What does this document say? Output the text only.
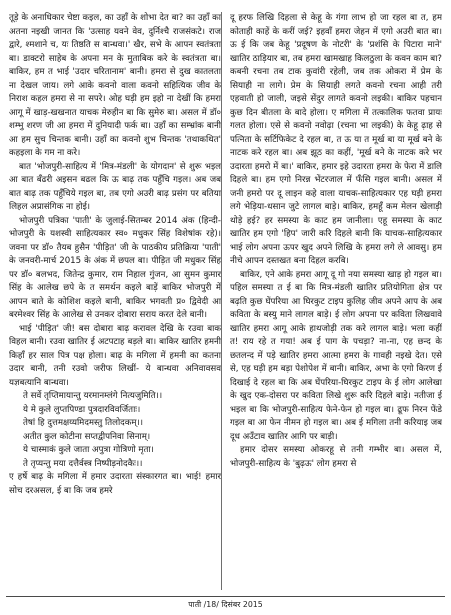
तूड़े के अनाधिकार चेष्टा कइल, का उहाँ के शोभा देत बा? का उहाँ का अतना नइखी जानत कि 'उत्साह यवने वेव, दुर्निश्चै राजसंकटे। राज द्वारे, श्मशाने च, यः तिष्ठति स बान्धवा।' खैर, सभे के आपन स्वतंत्रता बा। डाक्टरो साहेब के अपना मन के मुताबिक करे के स्वतंत्रता बा। बाकिर, हम त भाई 'उदार चरितानाम' बानी। हमरा से दुख कातलता ना देखल जाय। लगे आके कवनो वाला कवनो सहित्यिक जीव के निराश कहल हमरा से ना सपरे। ओह घड़ी हम इहो ना देखीं कि हमरा आगू में खाड़-खखनात याचक मेरुहीन बा कि सुमेरु बा। असल में डॉ० शम्भु शरण जी आ हमरा में दुनियादी फर्क बा। उहाँ का सम्भ्रांक बानी आ हम सुच चिन्तक बानी। उहाँ का कवनो शुभ चिन्तक 'तथाकथित' कहइला के गम ना करे।

बात 'भोजपुरी-साहित्य में 'मित्र-मंडली' के योगदान' से शुरू भइल आ बात बँढरी अइसन बढल कि ऊ बाढ़ तक पहुँचि गइल। अब जब बात बाढ़ तक पहुँचिये गइल बा, तब एगो अउरी बाढ़ प्रसंग पर बतिया लिहल अप्रासंगिक ना होई।

भोजपुरी पत्रिका 'पाती' के जुलाई-सितम्बर 2014 अंक (हिन्दी-भोजपुरी के यशस्वी साहित्यकार स्व० मधुकर सिंह विशेषांक रहे)। जवना पर डॉ० तैयब हुसैन 'पीड़ित' जी के पाठकीय प्रतिक्रिया 'पाती' के जनवरी-मार्च 2015 के अंक में छपल बा। पीड़ित जी मधुकर सिंह पर डॉ० बलभद, जितेन्द्र कुमार, राम निहाल गुंजन, आ सुमन कुमार सिंह के आलेख छपे के त समर्थन कइले बाड़ें बाकिर भोजपुरी में आपन बाते के कोशिश कइले बानी, बाकिर भगवती प्र० द्विवेदी आ बरमेश्वर सिंह के आलेख से उनकर दोबारा सराय करत देले बानी।

भाई 'पीड़ित' जी! बस दोबारा बाढ़ करावल देखि के रउवा बाक विहल बानी। रउवा खातिर ई अटपटाह बड़ले बा। बाकिर खातिर हमनी किहाँ हर साल पित्र पक्ष होला। बाढ़ के मगिला में हमनी का कतना उदार बानी, तनी रउवो जरीफ लिखीं- ये बान्धवा अनिवावसव यज्ञबत्यानि बान्धवा।

ते सर्वे तृप्तिमायान्तु यरमानम्लंगे नित्यजुमिति।।
ये मे कुले लुप्तपिण्डा पुत्रदारविवर्जिताः।
तेषां हि दुत्तमक्षय्यमिदमस्तु तिलोदकम्।।
अतीत कुल कोटीना सप्तद्वीपनिवा सिनाम्।
ये चास्माकं कुले जाता अपुत्रा गोत्रिणो मृता।
ते तृप्यन्तु मया दत्तैर्वस्त्र निष्पीड़नोदकैः।।

ए हर्षे बाढ़ के मगिला में हमार उदारता संस्कारगत बा। भाई! हमार सोच दरअसल, ई बा कि जब हमरे

दू हरफ लिखि दिहला से केहू के गंगा लाभ हो जा रहल बा त, हम कोताही काहें के करीं जई? इहवाँ हमरा जेहन में एगो अउरी बात बा। ऊ ई कि जब केहू 'प्रदूषण के नोटरी' के 'प्रशंसि के पिटारा माने' खातिर ठाड़ियार बा, तब हमरा खामखाह किलठुला के कवन काम बा? कबनी रचना तब टाक कुवांरी रहेली, जब तक ओकरा में प्रेम के सियाही ना लागे। प्रेम के सियाही लगते कवनो रचना आही तरी एहवाती हो जाली, जइसे सेंदुर लागते कवनो लइकी। बाकिर पहचान कुछ दिन बीतला के बादे होला। ए मगिला में तत्कालिक फतवा प्रायः गलत होला। एसे से कवनो नवोढ़ा (रचना भा लइकी) के केहू ढ़ाह से पत्निता के सर्टिफिकेट दे रहल बा, त ऊ या त मूर्ख बा या मूर्ख बने के नाटक करे रहल बा। अब झूठ का कहीं, 'मूर्ख बने के नाटक करे भर उदारता हमरो में बा।' बाकिर, हमार इहे उदारता हमरा के फेरा में डालि दिहले बा। हम एगो निरन्न भेंटरजाल में फँसि गइल बानी। असल में जनी हमरो पर दू लाइन कहे वाला याचक-साहित्यकार एह घड़ी हमरा लगे भेड़िया-धसान जुटे लागल बाड़े। बाकिर, हमहूँ कम मेलन खेलाड़ी थोड़े हई? हर समस्या के काट हम जानीला। एहू समस्या के काट खातिर हम एगो 'हिप' जारी करि दिहले बानी कि याचक-साहित्यकार भाई लोग अपना ऊपर खुद अपने लिखि के हमरा लगे ले आवसु। हम नीचे आपन दस्तखत बना दिहल करबि।

बाकिर, एने आके हमरा आगू दू गो नया समस्या खाड़ हो गइल बा। पहिल समस्या त ई बा कि मित्र-मंडली खातिर प्रतियोगिता क्षेत्र पर बढ़ति कुछ घेंपरिया आ घिरकुट टाइप कुलिह जीव अपने आप के अब कविता के बस्यु माने लागल बाड़े। ई लोग अपना पर कविता लिखवावे खातिर हमरा आगू आके हाथजोड़ी तक करे लागल बाड़े। भला कहीं त! राय रहे त गया! अब ई पाग के पचड़ा? ना-ना, एह छन्द के छतलन्द में पड़े खातिर हमरा आत्मा हमरा के गावही नइखे देत। एसे से, एह घड़ी हम बड़ा पेशोपेश में बानी। बाकिर, अभा के एगो किरण ई दिखाई दे रहल बा कि अब घेंपरिया-घिरकुट टाइप के ई लोग आलेखा के खुद एक-दोसरा पर कविता लिखे शुरू करि दिहले बाड़े। नतीजा ई भइल बा कि भोजपुरी-साहित्य फेने-फेन हो गइल बा। ढूफ निरन फेंडे गइल बा आ फेन नीमन हो गइल बा। अब ई मगिला तनी करियाइ जब दूध अउँटाव खातिर आगि पर बाड़ी।

हमार दोसर समस्या ओकरहू से तनी गम्भीर बा। असल में, भोजपुरी-साहित्य के 'बुढ़ऊ' लोग हमरा से

पाती /18/ दिसंबर 2015
